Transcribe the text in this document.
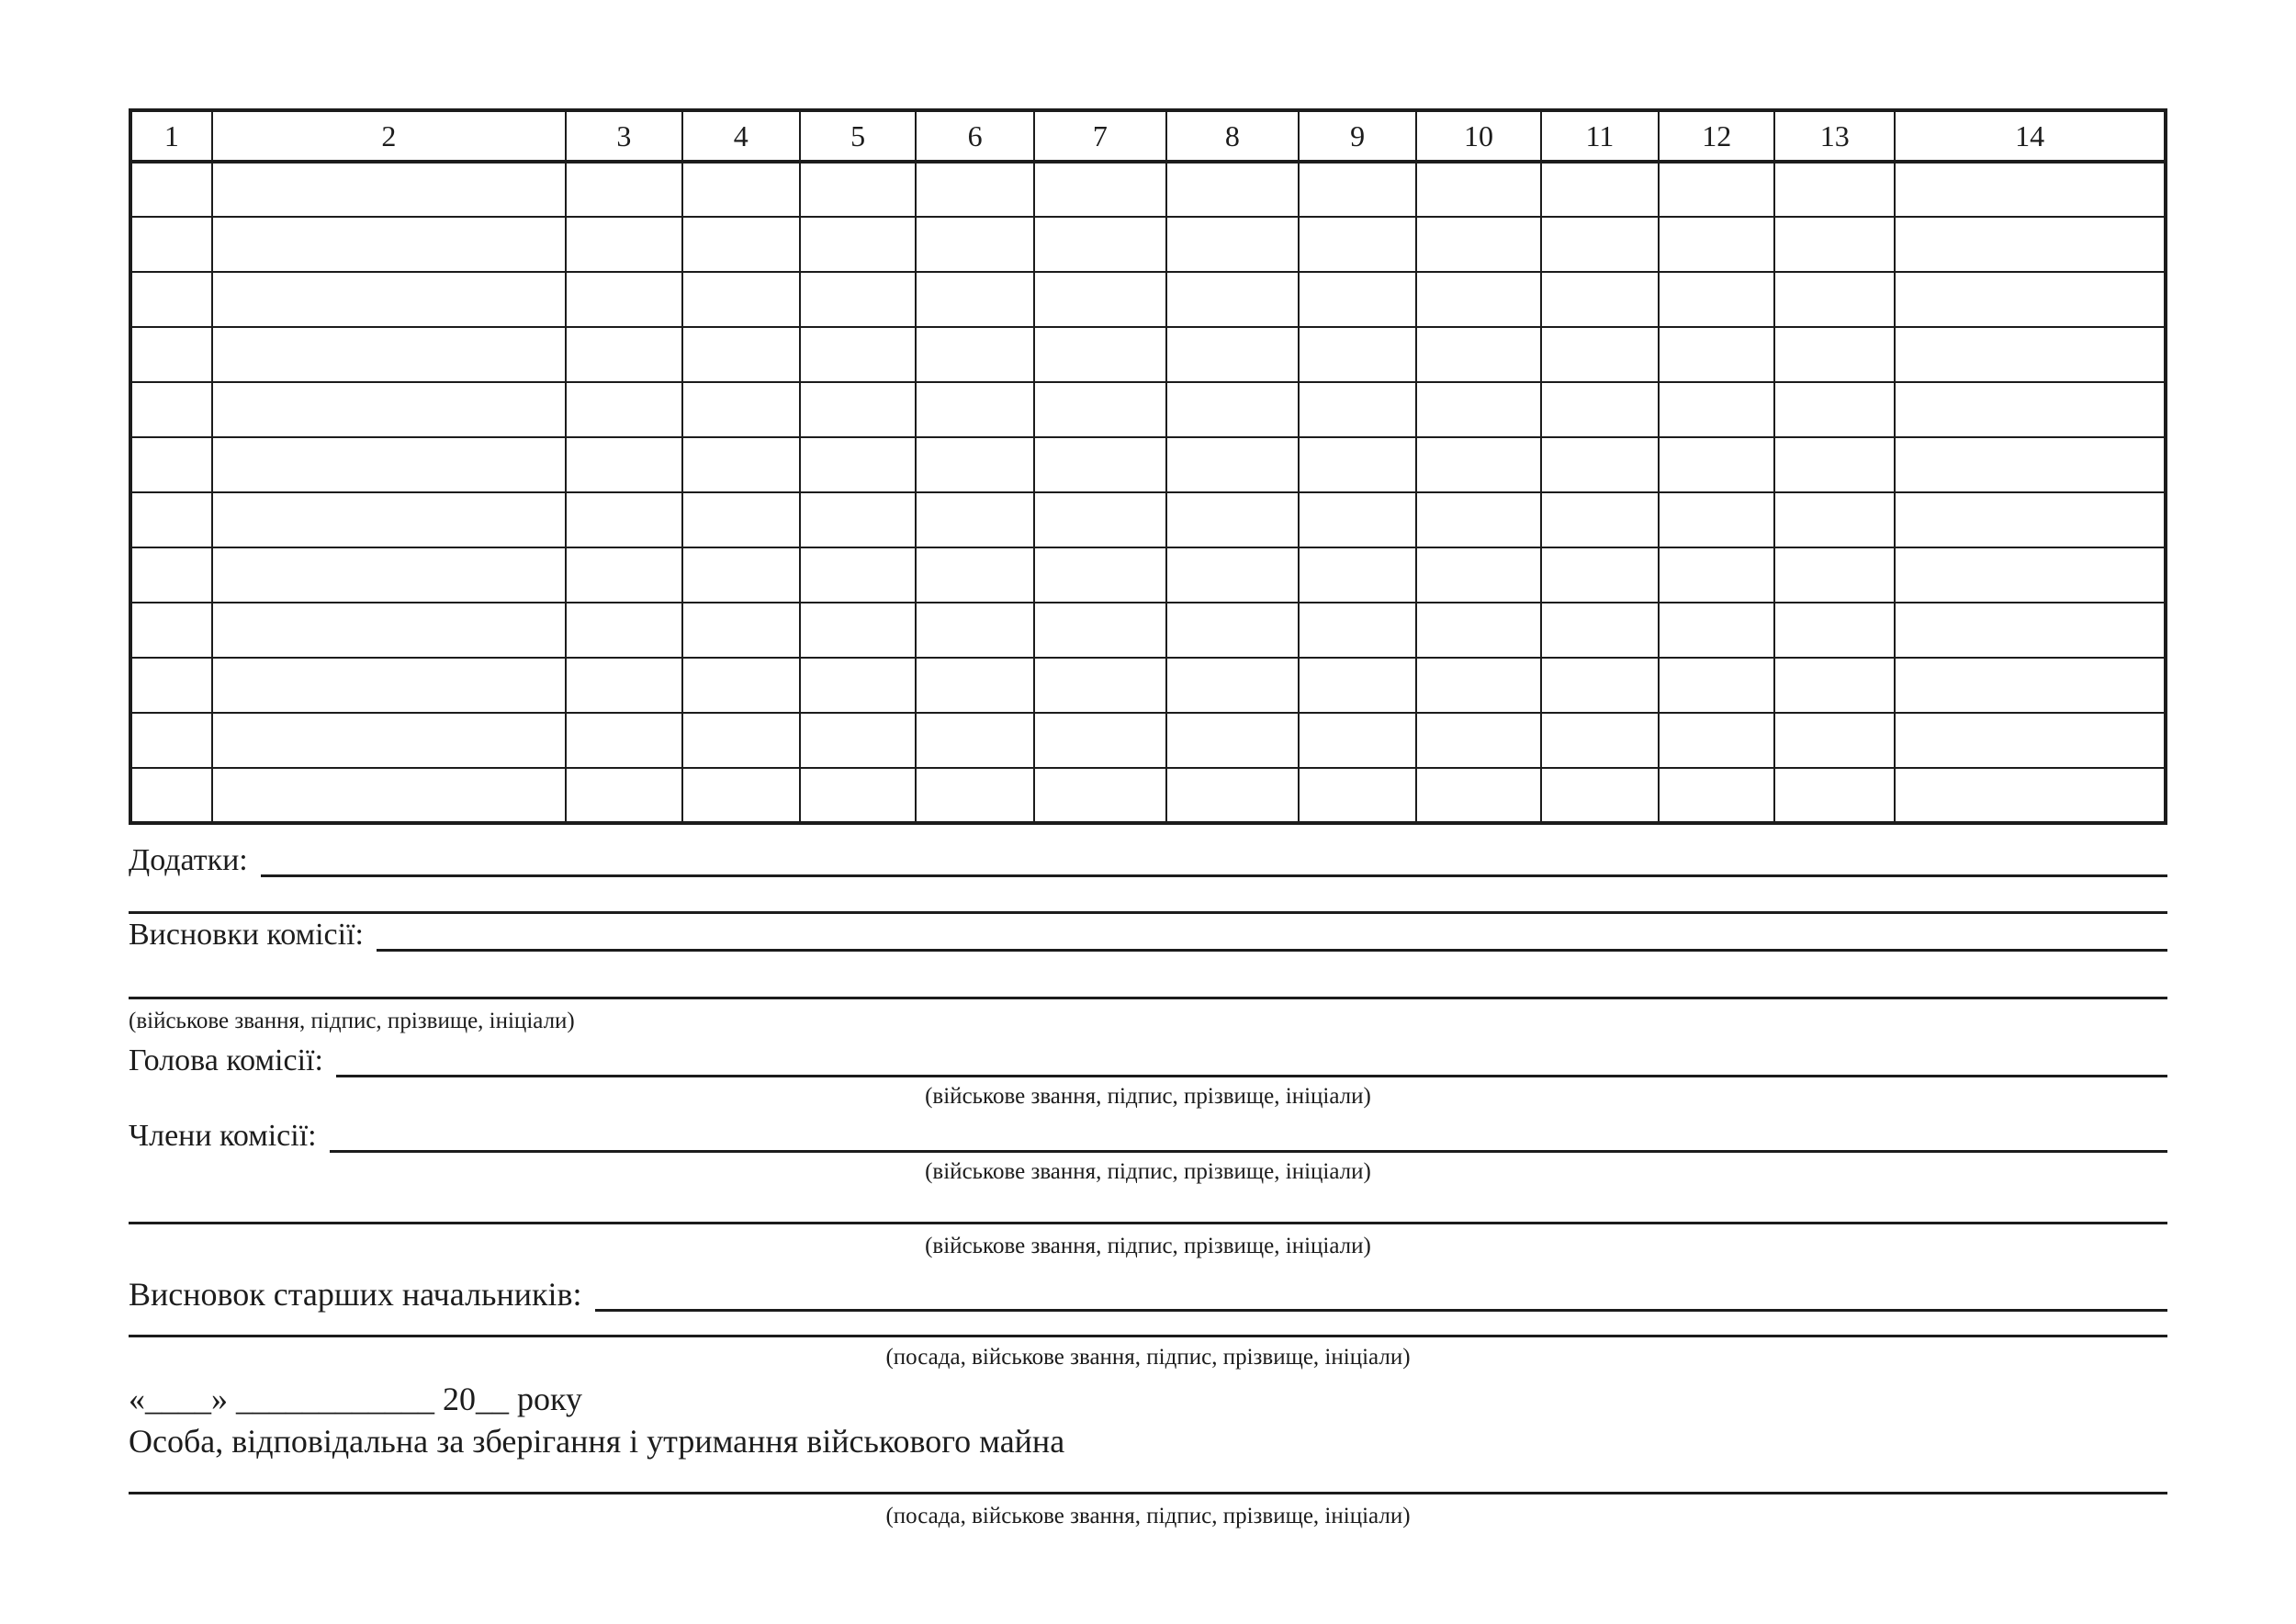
1	2	3	4	5	6	7	8	9	10	11	12	13	14

Додатки:
Висновки комісії:
(військове звання, підпис, прізвище, ініціали)
Голова комісії:
(військове звання, підпис, прізвище, ініціали)
Члени комісії:
(військове звання, підпис, прізвище, ініціали)
(військове звання, підпис, прізвище, ініціали)
Висновок старших начальників:
(посада, військове звання, підпис, прізвище, ініціали)
«____» ____________ 20__ року
Особа, відповідальна за зберігання і утримання військового майна
(посада, військове звання, підпис, прізвище, ініціали)
